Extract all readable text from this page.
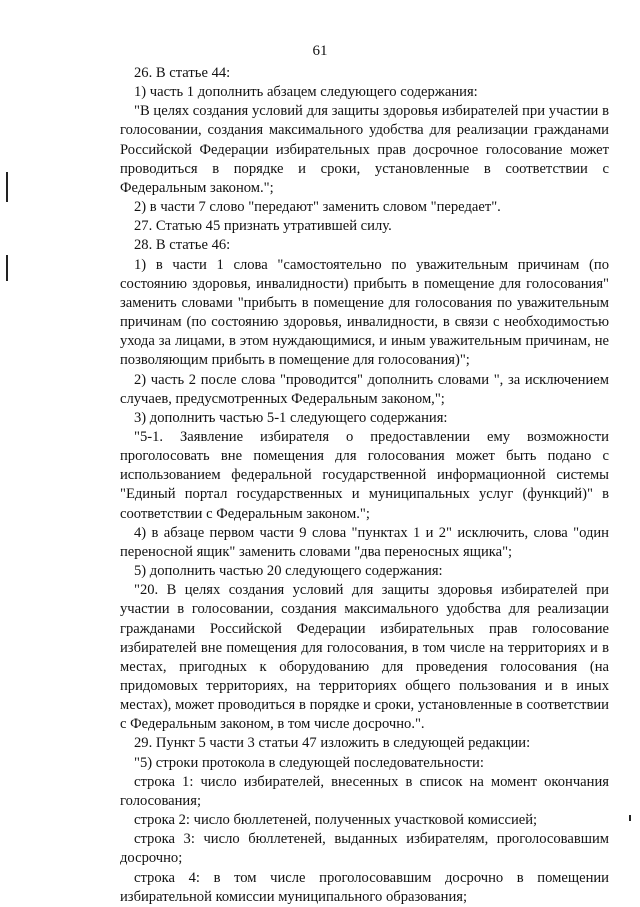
61

26. В статье 44:

1) часть 1 дополнить абзацем следующего содержания:

"В целях создания условий для защиты здоровья избирателей при участии в голосовании, создания максимального удобства для реализации гражданами Российской Федерации избирательных прав досрочное голосование может проводиться в порядке и сроки, установленные в соответствии с Федеральным законом.";

2) в части 7 слово "передают" заменить словом "передает".

27. Статью 45 признать утратившей силу.

28. В статье 46:

1) в части 1 слова "самостоятельно по уважительным причинам (по состоянию здоровья, инвалидности) прибыть в помещение для голосования" заменить словами "прибыть в помещение для голосования по уважительным причинам (по состоянию здоровья, инвалидности, в связи с необходимостью ухода за лицами, в этом нуждающимися, и иным уважительным причинам, не позволяющим прибыть в помещение для голосования)";

2) часть 2 после слова "проводится" дополнить словами ", за исключением случаев, предусмотренных Федеральным законом,";

3) дополнить частью 5-1 следующего содержания:

"5-1. Заявление избирателя о предоставлении ему возможности проголосовать вне помещения для голосования может быть подано с использованием федеральной государственной информационной системы "Единый портал государственных и муниципальных услуг (функций)" в соответствии с Федеральным законом.";

4) в абзаце первом части 9 слова "пунктах 1 и 2" исключить, слова "один переносной ящик" заменить словами "два переносных ящика";

5) дополнить частью 20 следующего содержания:

"20. В целях создания условий для защиты здоровья избирателей при участии в голосовании, создания максимального удобства для реализации гражданами Российской Федерации избирательных прав голосование избирателей вне помещения для голосования, в том числе на территориях и в местах, пригодных к оборудованию для проведения голосования (на придомовых территориях, на территориях общего пользования и в иных местах), может проводиться в порядке и сроки, установленные в соответствии с Федеральным законом, в том числе досрочно.".

29. Пункт 5 части 3 статьи 47 изложить в следующей редакции:

"5) строки протокола в следующей последовательности:

строка 1: число избирателей, внесенных в список на момент окончания голосования;

строка 2: число бюллетеней, полученных участковой комиссией;

строка 3: число бюллетеней, выданных избирателям, проголосовавшим досрочно;

строка 4: в том числе проголосовавшим досрочно в помещении избирательной комиссии муниципального образования;
